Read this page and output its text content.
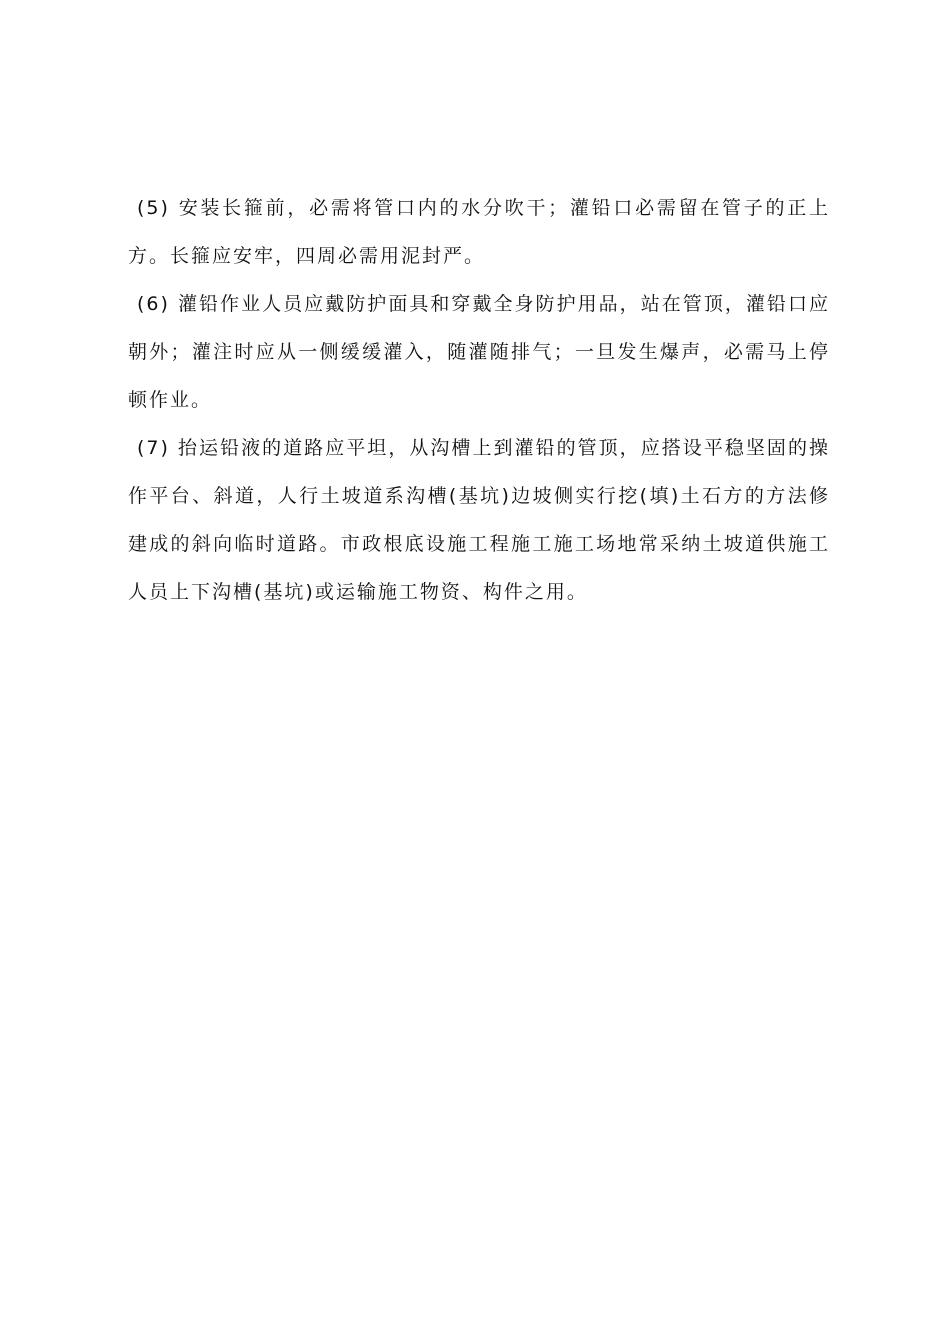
(5) 安装长箍前，必需将管口内的水分吹干；灌铅口必需留在管子的正上方。长箍应安牢，四周必需用泥封严。

(6) 灌铅作业人员应戴防护面具和穿戴全身防护用品，站在管顶，灌铅口应朝外；灌注时应从一侧缓缓灌入，随灌随排气；一旦发生爆声，必需马上停顿作业。

(7) 抬运铅液的道路应平坦，从沟槽上到灌铅的管顶，应搭设平稳坚固的操作平台、斜道，人行土坡道系沟槽(基坑)边坡侧实行挖(填)土石方的方法修建成的斜向临时道路。市政根底设施工程施工施工场地常采纳土坡道供施工人员上下沟槽(基坑)或运输施工物资、构件之用。
